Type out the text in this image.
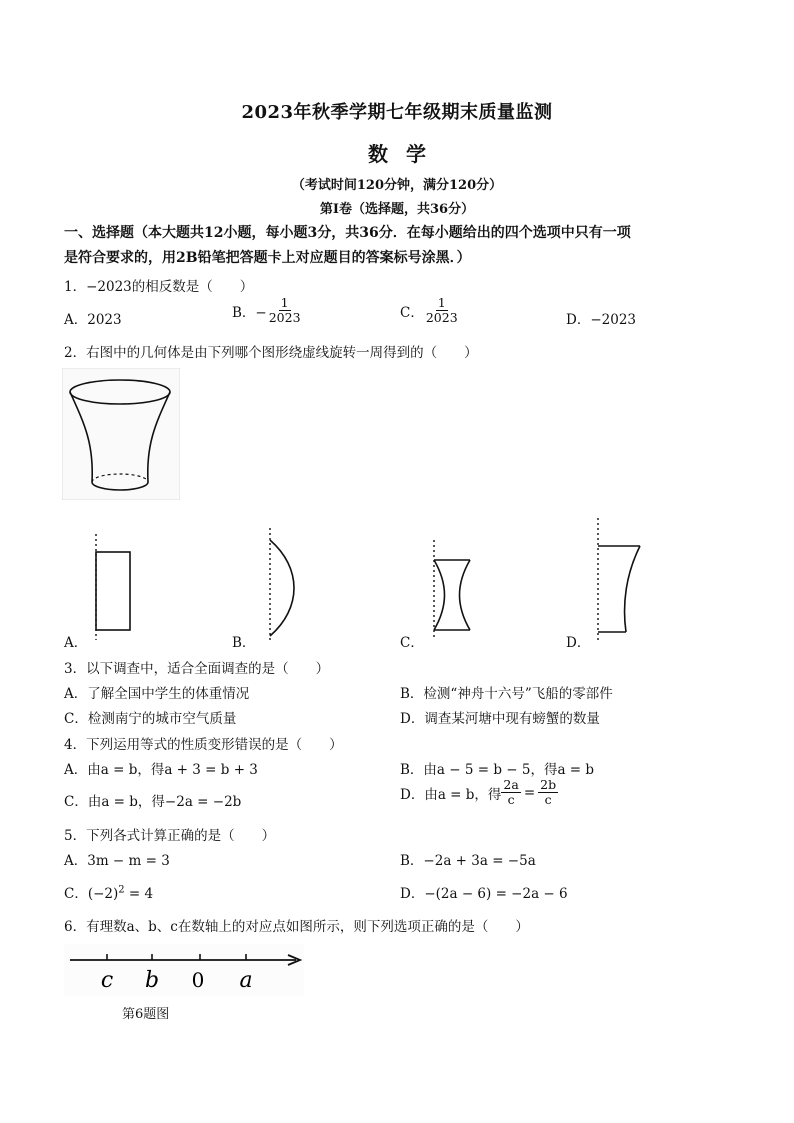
2023年秋季学期七年级期末质量监测
数学
（考试时间120分钟，满分120分）
第Ⅰ卷（选择题，共36分）
一、选择题（本大题共12小题，每小题3分，共36分．在每小题给出的四个选项中只有一项
是符合要求的，用2B铅笔把答题卡上对应题目的答案标号涂黑．）
1．−2023的相反数是（　　）
A．2023	B．− $\frac{1}{2023}$	C． $\frac{1}{2023}$	D．−2023
2．右图中的几何体是由下列哪个图形绕虚线旋转一周得到的（　　）
A．	B．	C．	D．
3．以下调查中，适合全面调查的是（　　）
A．了解全国中学生的体重情况	B．检测“神舟十六号”飞船的零部件
C．检测南宁的城市空气质量	D．调查某河塘中现有螃蟹的数量
4．下列运用等式的性质变形错误的是（　　）
A．由a = b，得a + 3 = b + 3	B．由a − 5 = b − 5，得a = b
C．由a = b，得−2a = −2b	D．由a = b，得 $\frac{2a}{c} = \frac{2b}{c}$
5．下列各式计算正确的是（　　）
A．3m − m = 3	B．−2a + 3a = −5a
C．$(-2)^2 = 4$	D．−(2a − 6) = −2a − 6
6．有理数a、b、c在数轴上的对应点如图所示，则下列选项正确的是（　　）
c b 0 a
第6题图
